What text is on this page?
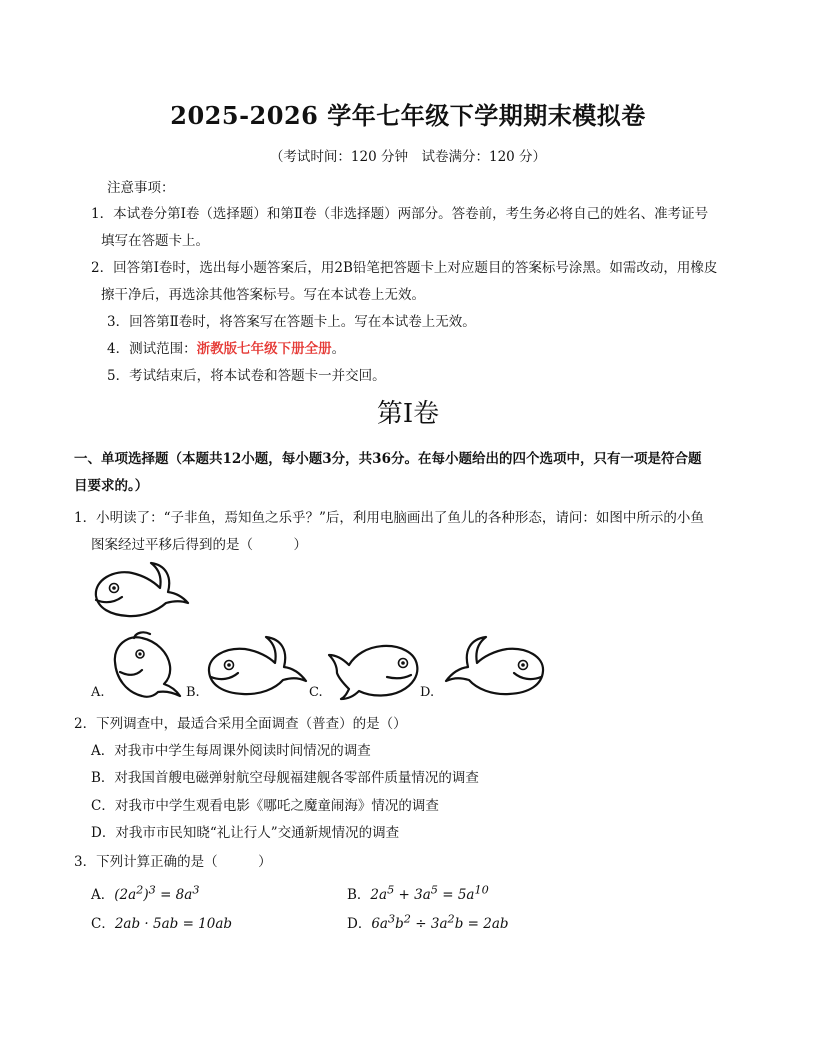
2025-2026 学年七年级下学期期末模拟卷
（考试时间：120 分钟　试卷满分：120 分）
注意事项：
1．本试卷分第Ⅰ卷（选择题）和第Ⅱ卷（非选择题）两部分。答卷前，考生务必将自己的姓名、准考证号
填写在答题卡上。
2．回答第Ⅰ卷时，选出每小题答案后，用2B铅笔把答题卡上对应题目的答案标号涂黑。如需改动，用橡皮
擦干净后，再选涂其他答案标号。写在本试卷上无效。
3．回答第Ⅱ卷时，将答案写在答题卡上。写在本试卷上无效。
4．测试范围：浙教版七年级下册全册。
5．考试结束后，将本试卷和答题卡一并交回。
第Ⅰ卷
一、单项选择题（本题共12小题，每小题3分，共36分。在每小题给出的四个选项中，只有一项是符合题
目要求的。）
1．小明读了：“子非鱼，焉知鱼之乐乎？”后，利用电脑画出了鱼儿的各种形态，请问：如图中所示的小鱼
图案经过平移后得到的是（　　　）
A.	B.	C.	D.
2．下列调查中，最适合采用全面调查（普查）的是（）
A．对我市中学生每周课外阅读时间情况的调查
B．对我国首艘电磁弹射航空母舰福建舰各零部件质量情况的调查
C．对我市中学生观看电影《哪吒之魔童闹海》情况的调查
D．对我市市民知晓“礼让行人”交通新规情况的调查
3．下列计算正确的是（　　　）
A．$(2a^2)^3 = 8a^3$	B．$2a^5 + 3a^5 = 5a^{10}$
C．2ab · 5ab = 10ab	D．$6a^3b^2 \div 3a^2b = 2ab$
